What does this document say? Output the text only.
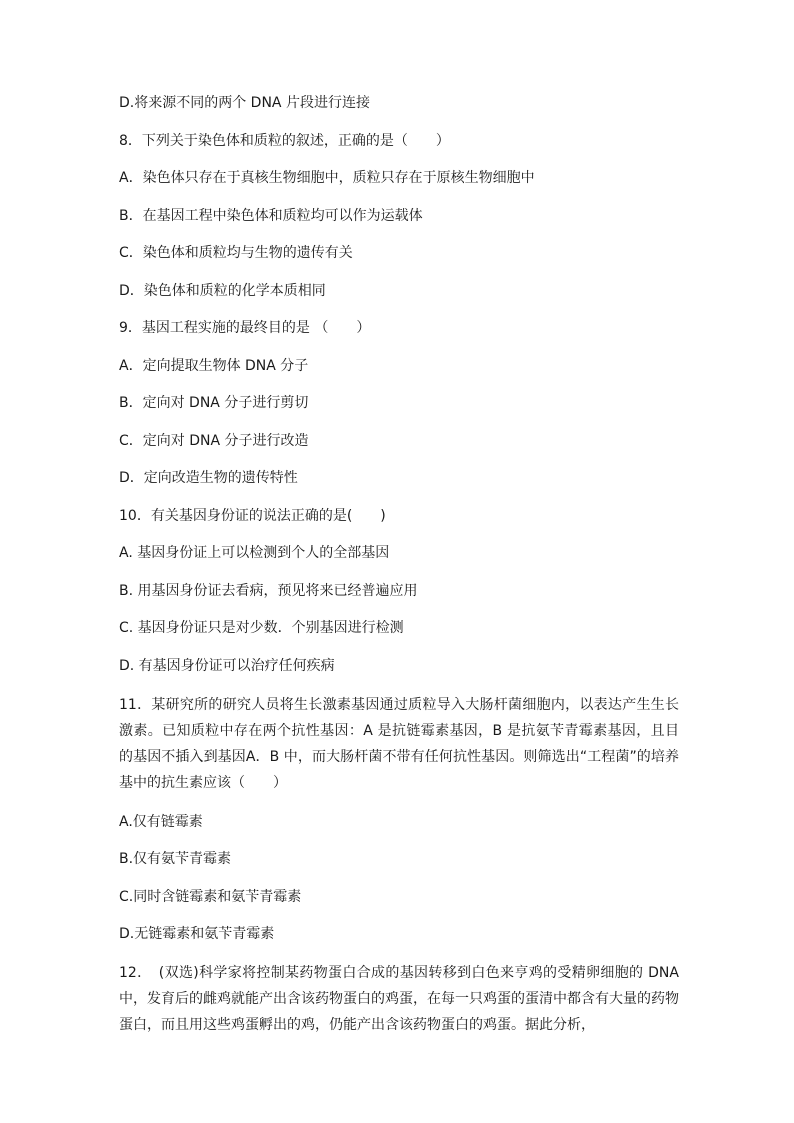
D.将来源不同的两个 DNA 片段进行连接

8．下列关于染色体和质粒的叙述，正确的是（　　）

A．染色体只存在于真核生物细胞中，质粒只存在于原核生物细胞中

B．在基因工程中染色体和质粒均可以作为运载体

C．染色体和质粒均与生物的遗传有关

D．染色体和质粒的化学本质相同

9．基因工程实施的最终目的是 （　　）

A．定向提取生物体 DNA 分子

B．定向对 DNA 分子进行剪切

C．定向对 DNA 分子进行改造

D．定向改造生物的遗传特性

10．有关基因身份证的说法正确的是(　　)

A. 基因身份证上可以检测到个人的全部基因

B. 用基因身份证去看病，预见将来已经普遍应用

C. 基因身份证只是对少数．个别基因进行检测

D. 有基因身份证可以治疗任何疾病

11．某研究所的研究人员将生长激素基因通过质粒导入大肠杆菌细胞内，以表达产生生长激素。已知质粒中存在两个抗性基因：A 是抗链霉素基因，B 是抗氨苄青霉素基因，且目的基因不插入到基因A．B 中，而大肠杆菌不带有任何抗性基因。则筛选出“工程菌”的培养基中的抗生素应该（　　）

A.仅有链霉素

B.仅有氨苄青霉素

C.同时含链霉素和氨苄青霉素

D.无链霉素和氨苄青霉素

12．　(双选)科学家将控制某药物蛋白合成的基因转移到白色来亨鸡的受精卵细胞的 DNA 中，发育后的雌鸡就能产出含该药物蛋白的鸡蛋，在每一只鸡蛋的蛋清中都含有大量的药物蛋白，而且用这些鸡蛋孵出的鸡，仍能产出含该药物蛋白的鸡蛋。据此分析，
